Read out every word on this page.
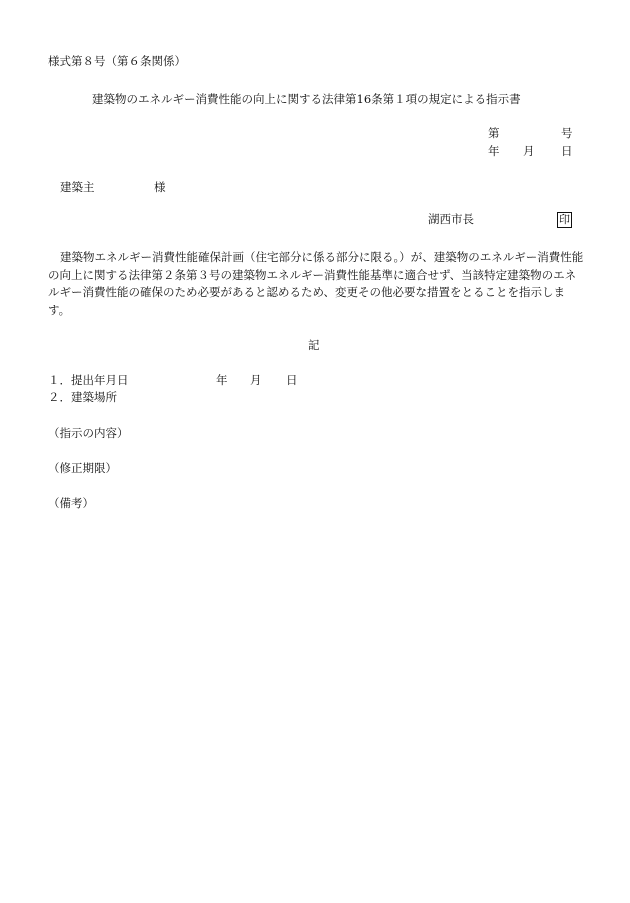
様式第８号（第６条関係）
建築物のエネルギー消費性能の向上に関する法律第16条第１項の規定による指示書
第	号
年 月 日
建築主	様
湖西市長	印
建築物エネルギー消費性能確保計画（住宅部分に係る部分に限る。）が、建築物のエネルギー消費性能の向上に関する法律第２条第３号の建築物エネルギー消費性能基準に適合せず、当該特定建築物のエネルギー消費性能の確保のため必要があると認めるため、変更その他必要な措置をとることを指示します。
記
１．提出年月日	年 月 日
２．建築場所
（指示の内容）
（修正期限）
（備考）
